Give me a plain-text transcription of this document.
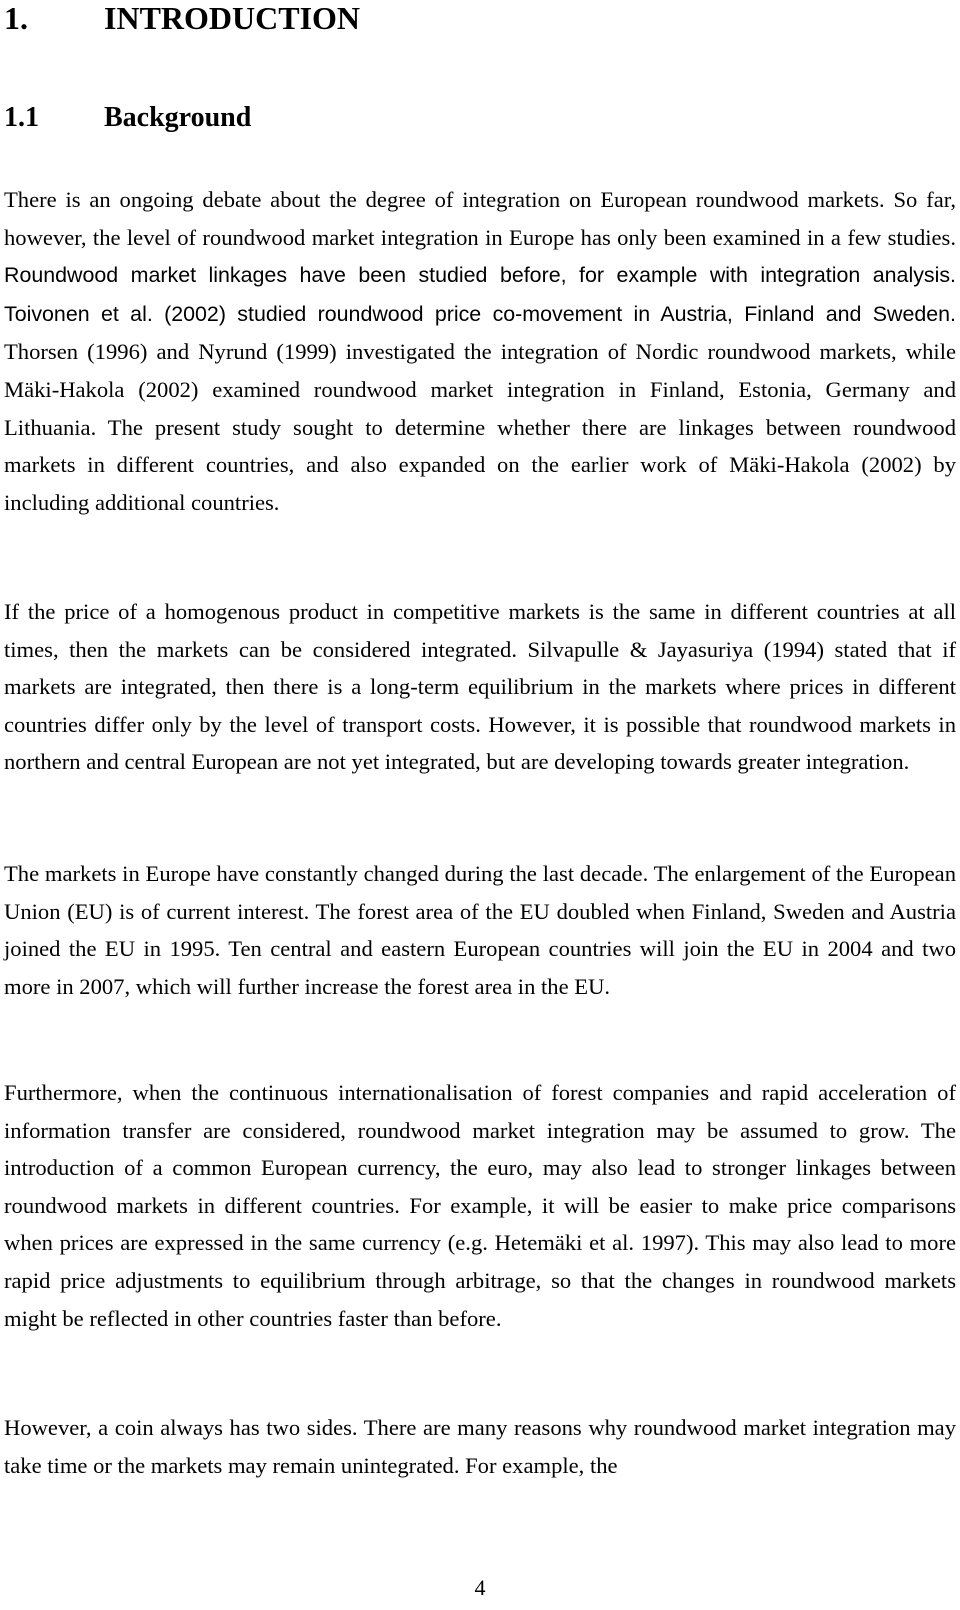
1. INTRODUCTION
1.1 Background

There is an ongoing debate about the degree of integration on European roundwood markets. So far, however, the level of roundwood market integration in Europe has only been examined in a few studies. Roundwood market linkages have been studied before, for example with integration analysis. Toivonen et al. (2002) studied roundwood price co-movement in Austria, Finland and Sweden. Thorsen (1996) and Nyrund (1999) investigated the integration of Nordic roundwood markets, while Mäki-Hakola (2002) examined roundwood market integration in Finland, Estonia, Germany and Lithuania. The present study sought to determine whether there are linkages between roundwood markets in different countries, and also expanded on the earlier work of Mäki-Hakola (2002) by including additional countries.

If the price of a homogenous product in competitive markets is the same in different countries at all times, then the markets can be considered integrated. Silvapulle & Jayasuriya (1994) stated that if markets are integrated, then there is a long-term equilibrium in the markets where prices in different countries differ only by the level of transport costs. However, it is possible that roundwood markets in northern and central European are not yet integrated, but are developing towards greater integration.

The markets in Europe have constantly changed during the last decade. The enlargement of the European Union (EU) is of current interest. The forest area of the EU doubled when Finland, Sweden and Austria joined the EU in 1995. Ten central and eastern European countries will join the EU in 2004 and two more in 2007, which will further increase the forest area in the EU.

Furthermore, when the continuous internationalisation of forest companies and rapid acceleration of information transfer are considered, roundwood market integration may be assumed to grow. The introduction of a common European currency, the euro, may also lead to stronger linkages between roundwood markets in different countries. For example, it will be easier to make price comparisons when prices are expressed in the same currency (e.g. Hetemäki et al. 1997). This may also lead to more rapid price adjustments to equilibrium through arbitrage, so that the changes in roundwood markets might be reflected in other countries faster than before.

However, a coin always has two sides. There are many reasons why roundwood market integration may take time or the markets may remain unintegrated. For example, the

4
